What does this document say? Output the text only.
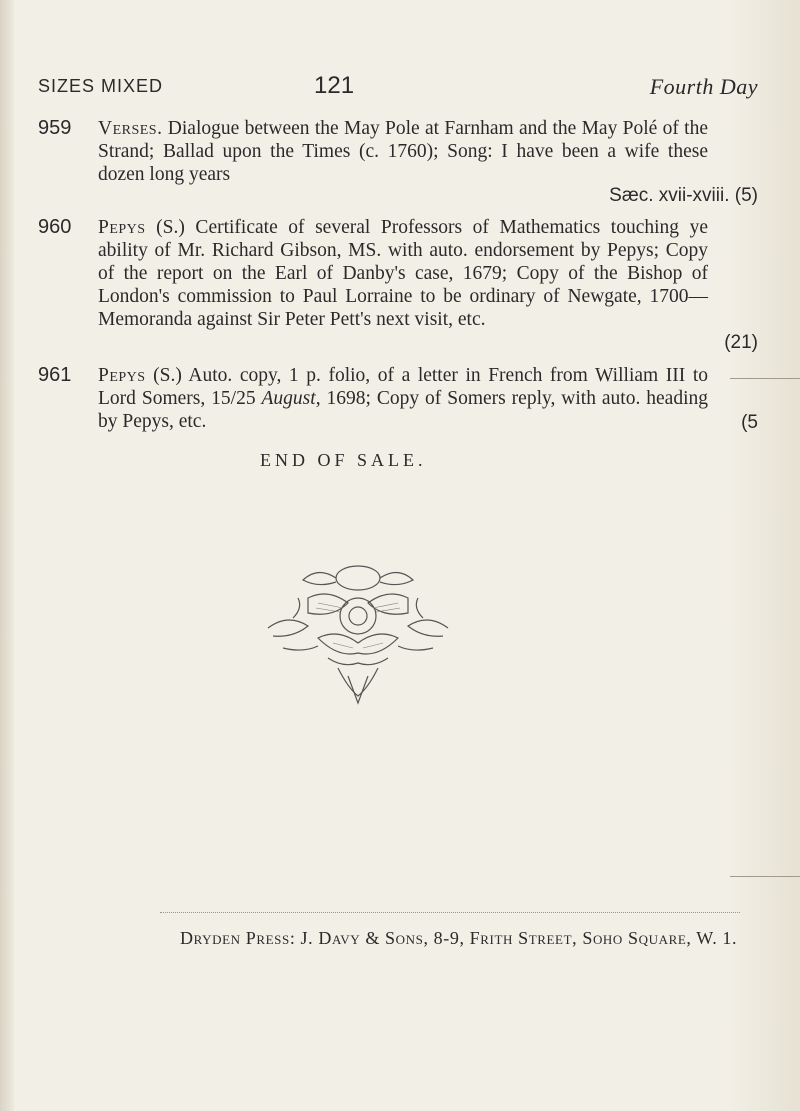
SIZES MIXED	121	Fourth Day
959 Verses. Dialogue between the May Pole at Farnham and the May Polé of the Strand; Ballad upon the Times (c. 1760); Song: I have been a wife these dozen long years
Sæc. xvii-xviii. (5)
960 Pepys (S.) Certificate of several Professors of Mathematics touching ye ability of Mr. Richard Gibson, MS. with auto. endorsement by Pepys; Copy of the report on the Earl of Danby's case, 1679; Copy of the Bishop of London's commission to Paul Lorraine to be ordinary of Newgate, 1700—Memoranda against Sir Peter Pett's next visit, etc.
(21)
961 Pepys (S.) Auto. copy, 1 p. folio, of a letter in French from William III to Lord Somers, 15/25 August, 1698; Copy of Somers reply, with auto. heading by Pepys, etc.	(5
END OF SALE.
Dryden Press: J. Davy & Sons, 8-9, Frith Street, Soho Square, W. 1.
